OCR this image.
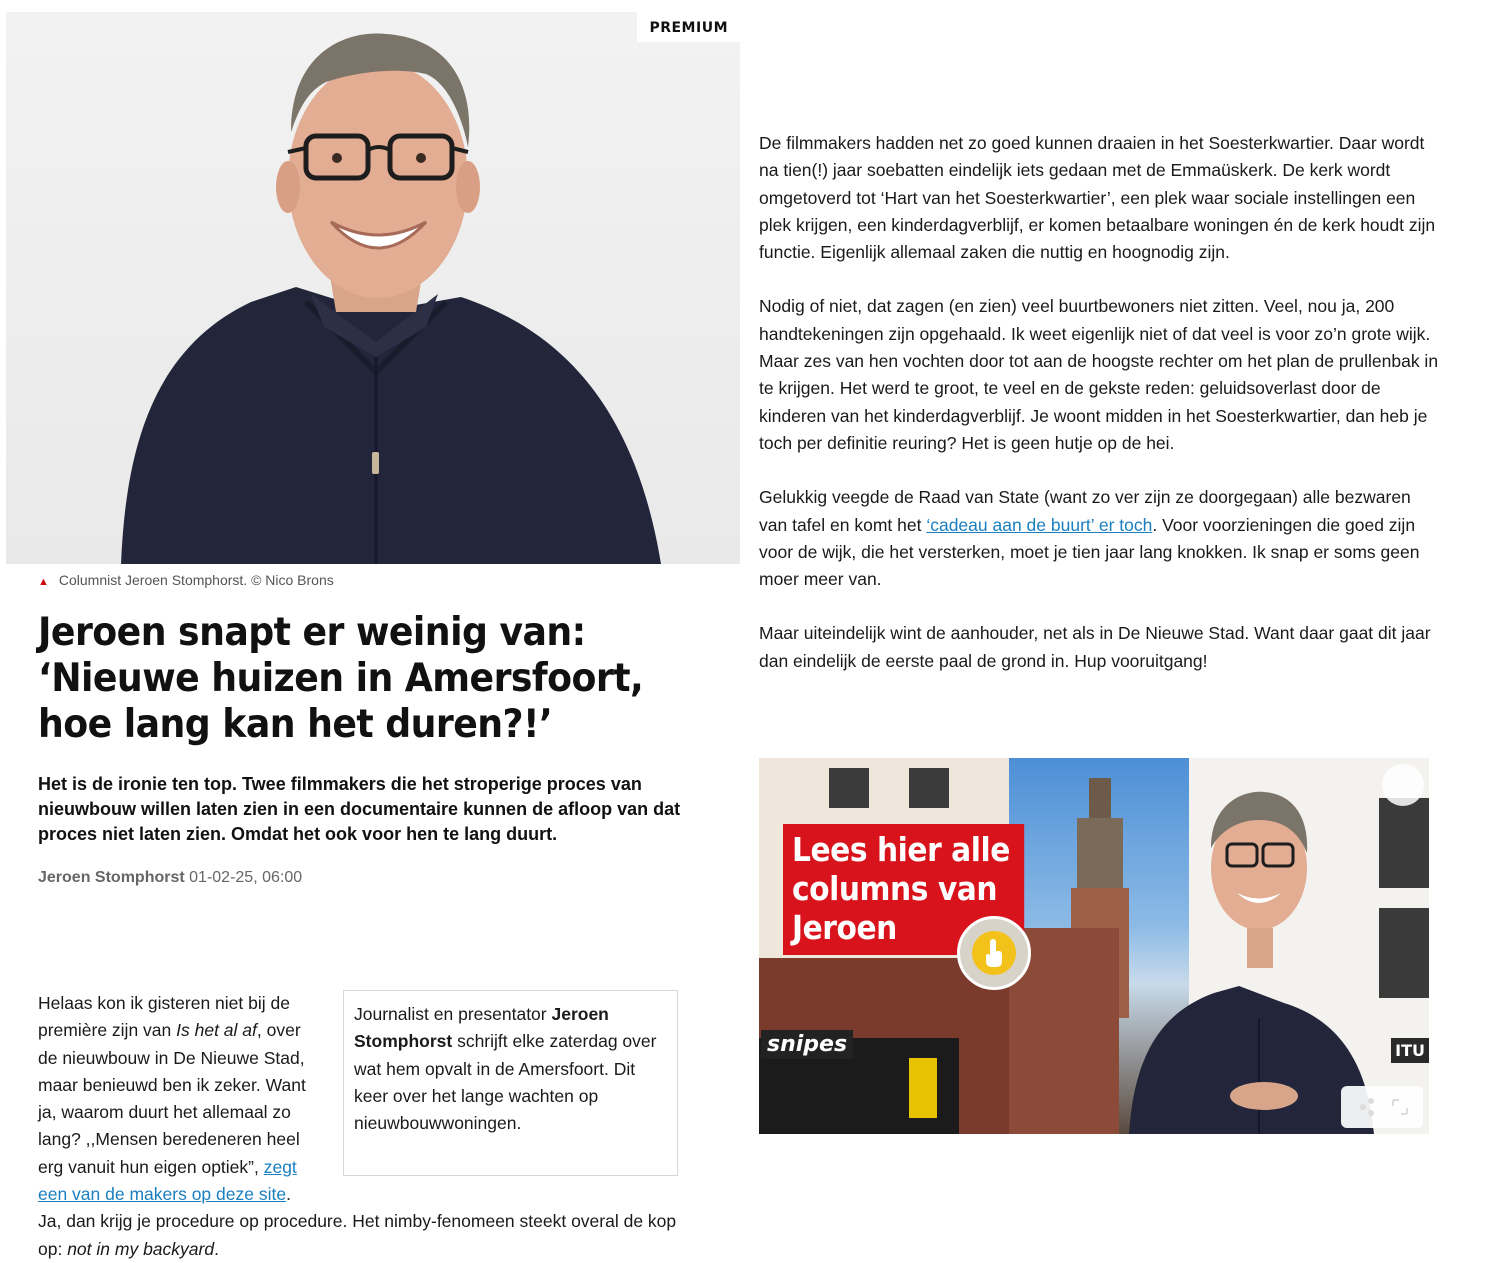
PREMIUM
▲ Columnist Jeroen Stomphorst. © Nico Brons
Jeroen snapt er weinig van: ‘Nieuwe huizen in Amersfoort, hoe lang kan het duren?!’

Het is de ironie ten top. Twee filmmakers die het stroperige proces van nieuwbouw willen laten zien in een documentaire kunnen de afloop van dat proces niet laten zien. Omdat het ook voor hen te lang duurt.

Jeroen Stomphorst 01-02-25, 06:00
Journalist en presentator Jeroen Stomphorst schrijft elke zaterdag over wat hem opvalt in de Amersfoort. Dit keer over het lange wachten op nieuwbouwwoningen.

Helaas kon ik gisteren niet bij de première zijn van Is het al af, over de nieuwbouw in De Nieuwe Stad, maar benieuwd ben ik zeker. Want ja, waarom duurt het allemaal zo lang? ,,Mensen beredeneren heel erg vanuit hun eigen optiek”, zegt een van de makers op deze site. Ja, dan krijg je procedure op procedure. Het nimby-fenomeen steekt overal de kop op: not in my backyard.

De filmmakers hadden net zo goed kunnen draaien in het Soesterkwartier. Daar wordt na tien(!) jaar soebatten eindelijk iets gedaan met de Emmaüskerk. De kerk wordt omgetoverd tot ‘Hart van het Soesterkwartier’, een plek waar sociale instellingen een plek krijgen, een kinderdagverblijf, er komen betaalbare woningen én de kerk houdt zijn functie. Eigenlijk allemaal zaken die nuttig en hoognodig zijn.

Nodig of niet, dat zagen (en zien) veel buurtbewoners niet zitten. Veel, nou ja, 200 handtekeningen zijn opgehaald. Ik weet eigenlijk niet of dat veel is voor zo’n grote wijk. Maar zes van hen vochten door tot aan de hoogste rechter om het plan de prullenbak in te krijgen. Het werd te groot, te veel en de gekste reden: geluidsoverlast door de kinderen van het kinderdagverblijf. Je woont midden in het Soesterkwartier, dan heb je toch per definitie reuring? Het is geen hutje op de hei.

Gelukkig veegde de Raad van State (want zo ver zijn ze doorgegaan) alle bezwaren van tafel en komt het ‘cadeau aan de buurt’ er toch. Voor voorzieningen die goed zijn voor de wijk, die het versterken, moet je tien jaar lang knokken. Ik snap er soms geen moer meer van.

Maar uiteindelijk wint de aanhouder, net als in De Nieuwe Stad. Want daar gaat dit jaar dan eindelijk de eerste paal de grond in. Hup vooruitgang!

snipes	ITU
Lees hier alle columns van Jeroen
